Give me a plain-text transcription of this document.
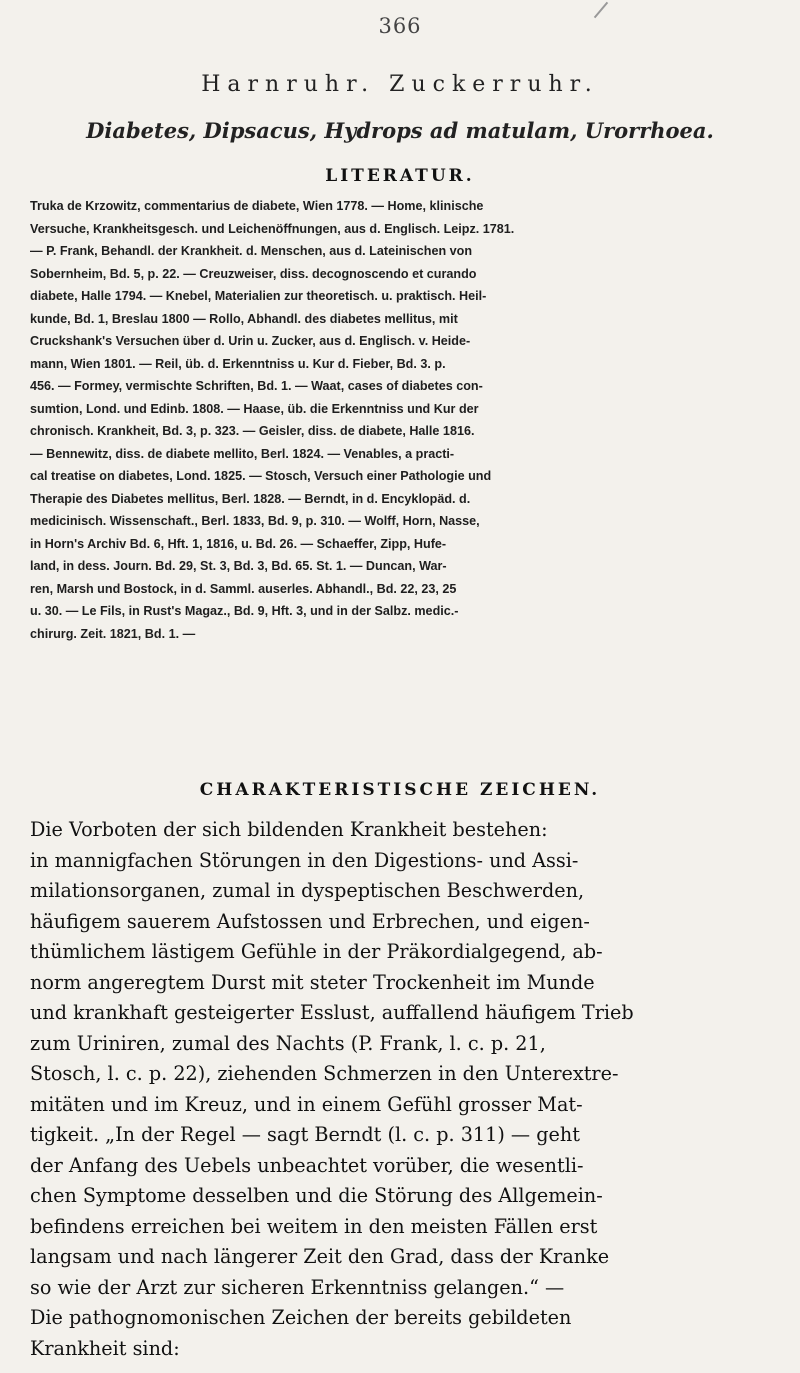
366
Harnruhr. Zuckerruhr.
Diabetes, Dipsacus, Hydrops ad matulam, Urorrhoea.
LITERATUR.
Truka de Krzowitz, commentarius de diabete, Wien 1778. — Home, klinische
Versuche, Krankheitsgesch. und Leichenöffnungen, aus d. Englisch. Leipz. 1781.
— P. Frank, Behandl. der Krankheit. d. Menschen, aus d. Lateinischen von
Sobernheim, Bd. 5, p. 22. — Creuzweiser, diss. decognoscendo et curando
diabete, Halle 1794. — Knebel, Materialien zur theoretisch. u. praktisch. Heil-
kunde, Bd. 1, Breslau 1800 — Rollo, Abhandl. des diabetes mellitus, mit
Cruckshank's Versuchen über d. Urin u. Zucker, aus d. Englisch. v. Heide-
mann, Wien 1801. — Reil, üb. d. Erkenntniss u. Kur d. Fieber, Bd. 3. p.
456. — Formey, vermischte Schriften, Bd. 1. — Waat, cases of diabetes con-
sumtion, Lond. und Edinb. 1808. — Haase, üb. die Erkenntniss und Kur der
chronisch. Krankheit, Bd. 3, p. 323. — Geisler, diss. de diabete, Halle 1816.
— Bennewitz, diss. de diabete mellito, Berl. 1824. — Venables, a practi-
cal treatise on diabetes, Lond. 1825. — Stosch, Versuch einer Pathologie und
Therapie des Diabetes mellitus, Berl. 1828. — Berndt, in d. Encyklopäd. d.
medicinisch. Wissenschaft., Berl. 1833, Bd. 9, p. 310. — Wolff, Horn, Nasse,
in Horn's Archiv Bd. 6, Hft. 1, 1816, u. Bd. 26. — Schaeffer, Zipp, Hufe-
land, in dess. Journ. Bd. 29, St. 3, Bd. 3, Bd. 65. St. 1. — Duncan, War-
ren, Marsh und Bostock, in d. Samml. auserles. Abhandl., Bd. 22, 23, 25
u. 30. — Le Fils, in Rust's Magaz., Bd. 9, Hft. 3, und in der Salbz. medic.-
chirurg. Zeit. 1821, Bd. 1. —
CHARAKTERISTISCHE ZEICHEN.
Die Vorboten der sich bildenden Krankheit bestehen:
in mannigfachen Störungen in den Digestions- und Assi-
milationsorganen, zumal in dyspeptischen Beschwerden,
häufigem sauerem Aufstossen und Erbrechen, und eigen-
thümlichem lästigem Gefühle in der Präkordialgegend, ab-
norm angeregtem Durst mit steter Trockenheit im Munde
und krankhaft gesteigerter Esslust, auffallend häufigem Trieb
zum Uriniren, zumal des Nachts (P. Frank, l. c. p. 21,
Stosch, l. c. p. 22), ziehenden Schmerzen in den Unterextre-
mitäten und im Kreuz, und in einem Gefühl grosser Mat-
tigkeit. „In der Regel — sagt Berndt (l. c. p. 311) — geht
der Anfang des Uebels unbeachtet vorüber, die wesentli-
chen Symptome desselben und die Störung des Allgemein-
befindens erreichen bei weitem in den meisten Fällen erst
langsam und nach längerer Zeit den Grad, dass der Kranke
so wie der Arzt zur sicheren Erkenntniss gelangen.“ —
Die pathognomonischen Zeichen der bereits gebildeten
Krankheit sind:
